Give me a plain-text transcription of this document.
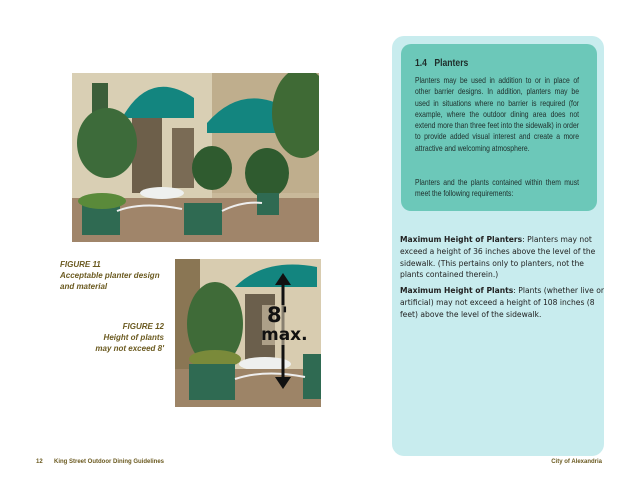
1.4 Planters
Planters may be used in addition to or in place of other barrier designs. In addition, planters may be used in situations where no barrier is required (for example, where the outdoor dining area does not extend more than three feet into the sidewalk) in order to provide added visual interest and create a more attractive and welcoming atmosphere.
Planters and the plants contained within them must meet the following requirements:
Maximum Height of Planters: Planters may not exceed a height of 36 inches above the level of the sidewalk. (This pertains only to planters, not the plants contained therein.)
Maximum Height of Plants: Plants (whether live or artificial) may not exceed a height of 108 inches (8 feet) above the level of the sidewalk.
8'
max.
FIGURE 11
Acceptable planter design
and material
FIGURE 12
Height of plants
may not exceed 8'
12 King Street Outdoor Dining Guidelines	City of Alexandria
